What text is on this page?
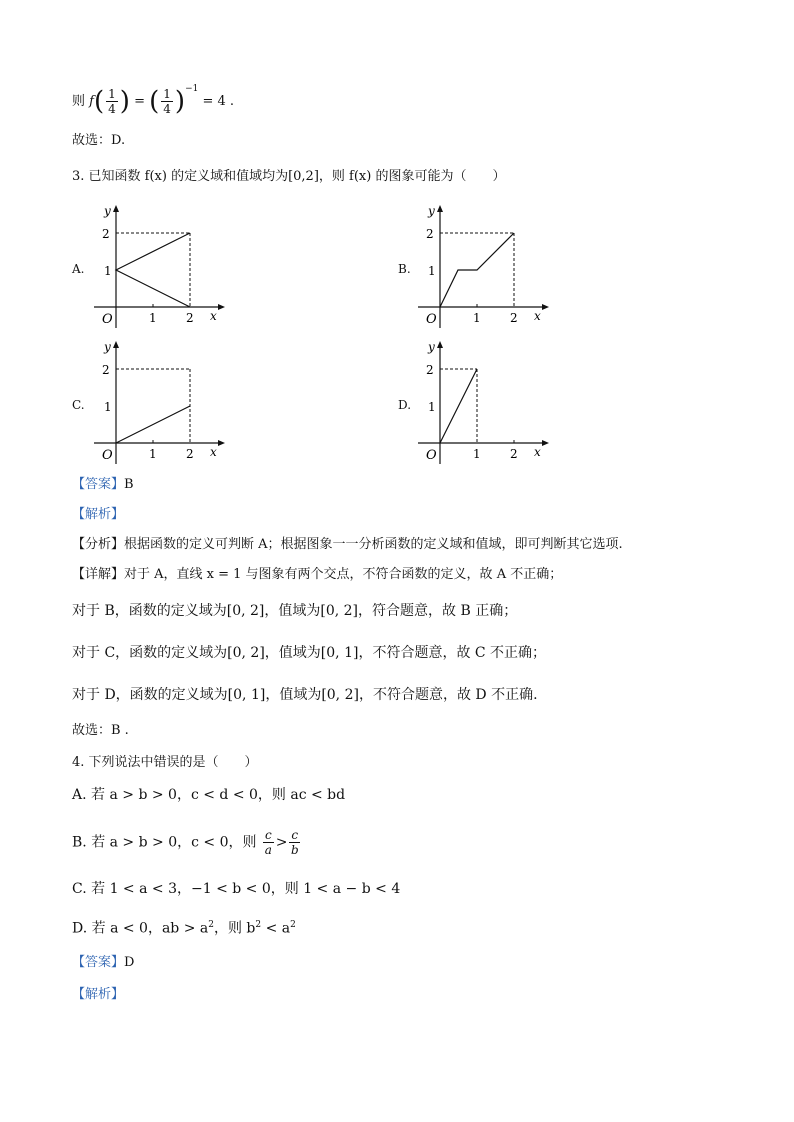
则 $f( \frac{1}{4}$ ) = ( $\frac{1}{4} )^{-1} = 4$ .
故选：D.
3. 已知函数 f(x) 的定义域和值域均为[0,2]，则 f(x) 的图象可能为（　　）
A.	B.
C.	D.
y
2
1
O	1 2 x
y
2
1
O	1 2 x
y
2
1
O	1 2 x
y
2
1
O	1 2 x
【答案】B
【解析】
【分析】根据函数的定义可判断 A；根据图象一一分析函数的定义域和值域，即可判断其它选项.
【详解】对于 A，直线 x = 1 与图象有两个交点，不符合函数的定义，故 A 不正确；
对于 B，函数的定义域为[0, 2]，值域为[0, 2]，符合题意，故 B 正确；
对于 C，函数的定义域为[0, 2]，值域为[0, 1]，不符合题意，故 C 不正确；
对于 D，函数的定义域为[0, 1]，值域为[0, 2]，不符合题意，故 D 不正确.
故选：B .
4. 下列说法中错误的是（　　）
A. 若 a > b > 0，c < d < 0，则 ac < bd
B. 若 a > b > 0，c < 0，则 $\frac{c}{a} > \frac{c}{b}$
C. 若 1 < a < 3，−1 < b < 0，则 1 < a − b < 4
D. 若 a < 0，ab > $a^2$，则 $b^2 < a^2$
【答案】D
【解析】
